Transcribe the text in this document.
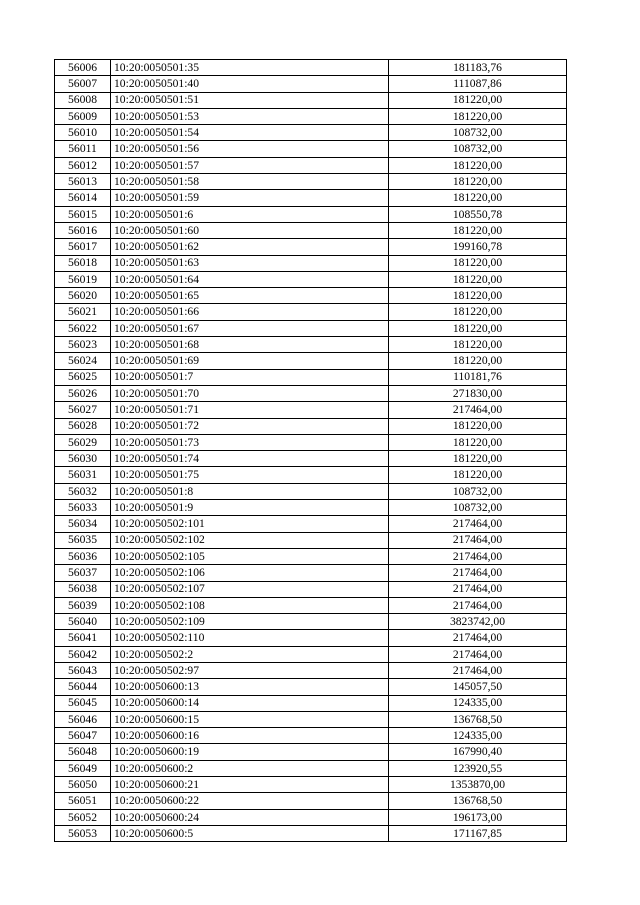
56006	10:20:0050501:35	181183,76
56007	10:20:0050501:40	111087,86
56008	10:20:0050501:51	181220,00
56009	10:20:0050501:53	181220,00
56010	10:20:0050501:54	108732,00
56011	10:20:0050501:56	108732,00
56012	10:20:0050501:57	181220,00
56013	10:20:0050501:58	181220,00
56014	10:20:0050501:59	181220,00
56015	10:20:0050501:6	108550,78
56016	10:20:0050501:60	181220,00
56017	10:20:0050501:62	199160,78
56018	10:20:0050501:63	181220,00
56019	10:20:0050501:64	181220,00
56020	10:20:0050501:65	181220,00
56021	10:20:0050501:66	181220,00
56022	10:20:0050501:67	181220,00
56023	10:20:0050501:68	181220,00
56024	10:20:0050501:69	181220,00
56025	10:20:0050501:7	110181,76
56026	10:20:0050501:70	271830,00
56027	10:20:0050501:71	217464,00
56028	10:20:0050501:72	181220,00
56029	10:20:0050501:73	181220,00
56030	10:20:0050501:74	181220,00
56031	10:20:0050501:75	181220,00
56032	10:20:0050501:8	108732,00
56033	10:20:0050501:9	108732,00
56034	10:20:0050502:101	217464,00
56035	10:20:0050502:102	217464,00
56036	10:20:0050502:105	217464,00
56037	10:20:0050502:106	217464,00
56038	10:20:0050502:107	217464,00
56039	10:20:0050502:108	217464,00
56040	10:20:0050502:109	3823742,00
56041	10:20:0050502:110	217464,00
56042	10:20:0050502:2	217464,00
56043	10:20:0050502:97	217464,00
56044	10:20:0050600:13	145057,50
56045	10:20:0050600:14	124335,00
56046	10:20:0050600:15	136768,50
56047	10:20:0050600:16	124335,00
56048	10:20:0050600:19	167990,40
56049	10:20:0050600:2	123920,55
56050	10:20:0050600:21	1353870,00
56051	10:20:0050600:22	136768,50
56052	10:20:0050600:24	196173,00
56053	10:20:0050600:5	171167,85
